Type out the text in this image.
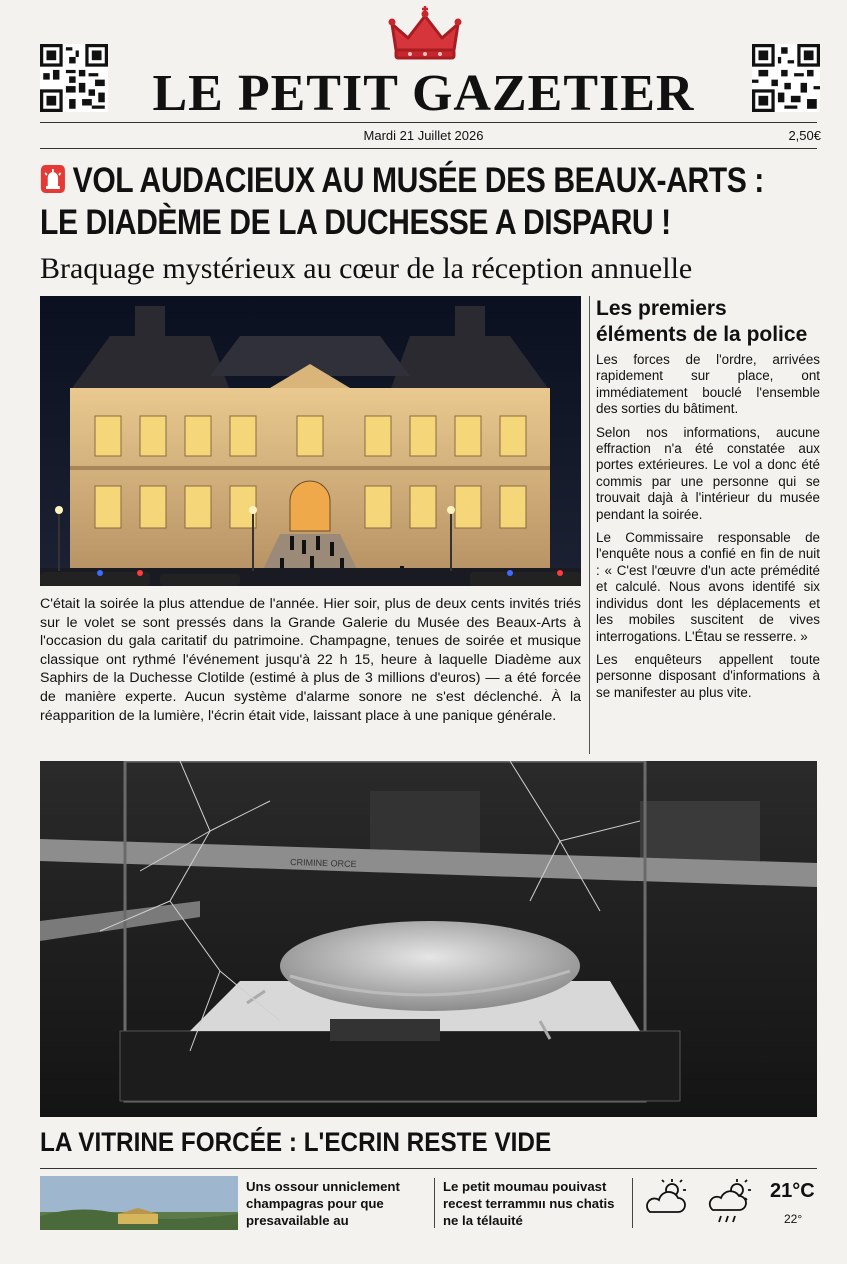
LE PETIT GAZETIER
Mardi 21 Juillet 2026	2,50€
VOL AUDACIEUX AU MUSÉE DES BEAUX-ARTS :
LE DIADÈME DE LA DUCHESSE A DISPARU !
Braquage mystérieux au cœur de la réception annuelle
C'était la soirée la plus attendue de l'année. Hier soir, plus de deux cents invités triés sur le volet se sont pressés dans la Grande Galerie du Musée des Beaux-Arts à l'occasion du gala caritatif du patrimoine. Champagne, tenues de soirée et musique classique ont rythmé l'événement jusqu'à 22 h 15, heure à laquelle Diadème aux Saphirs de la Duchesse Clotilde (estimé à plus de 3 millions d'euros) — a été forcée de manière experte. Aucun système d'alarme sonore ne s'est déclenché. À la réapparition de la lumière, l'écrin était vide, laissant place à une panique générale.
Les premiers éléments de la police

Les forces de l'ordre, arrivées rapidement sur place, ont immédiatement bouclé l'ensemble des sorties du bâtiment.

Selon nos informations, aucune effraction n'a été constatée aux portes extérieures. Le vol a donc été commis par une personne qui se trouvait dajà à l'intérieur du musée pendant la soirée.

Le Commissaire responsable de l'enquête nous a confié en fin de nuit : « C'est l'œuvre d'un acte prémédité et calculé. Nous avons identifé six individus dont les déplacements et les mobiles suscitent de vives interrogations. L'Étau se resserre. »

Les enquêteurs appellent toute personne disposant d'informations à se manifester au plus vite.

CRIMINE ORCE
LA VITRINE FORCÉE : L'ECRIN RESTE VIDE
Uns ossour unniclement champagras pour que presavailable au
Le petit moumau pouivast recest terrammıı nus chatis ne la télauité
21°C
22°
